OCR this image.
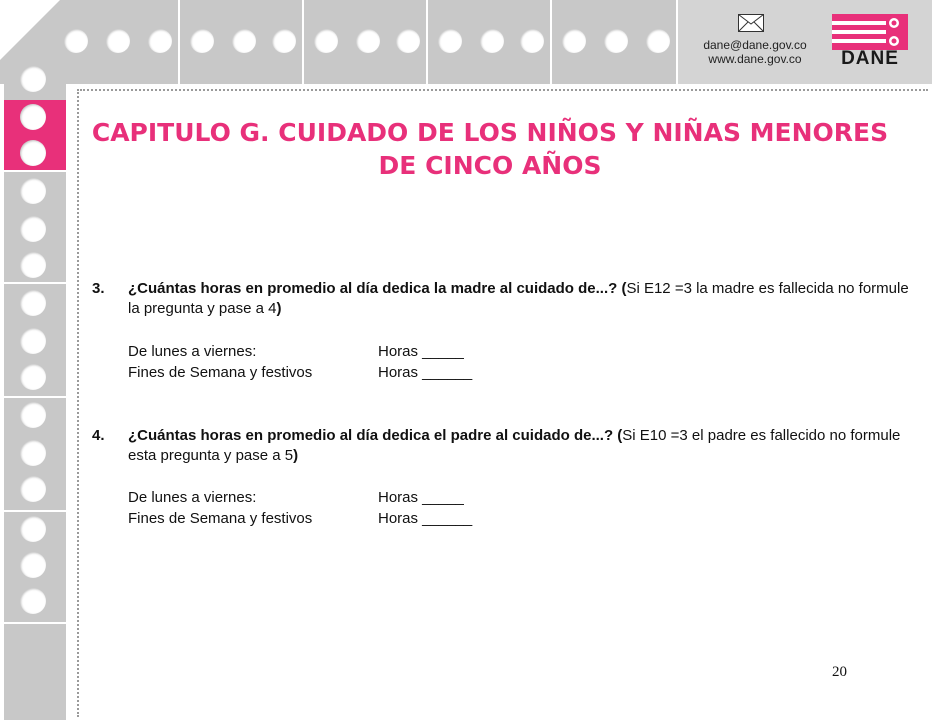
dane@dane.gov.co
www.dane.gov.co	DANE
CAPITULO G. CUIDADO DE LOS NIÑOS Y NIÑAS MENORES
DE CINCO AÑOS
3. ¿Cuántas horas en promedio al día dedica la madre al cuidado de...? (Si E12 =3 la madre es fallecida no formule la pregunta y pase a 4)
De lunes a viernes:	Horas _____
Fines de Semana y festivos	Horas ______
4. ¿Cuántas horas en promedio al día dedica el padre al cuidado de...? (Si E10 =3 el padre es fallecido no formule esta pregunta y pase a 5)
De lunes a viernes:	Horas _____
Fines de Semana y festivos	Horas ______
20
